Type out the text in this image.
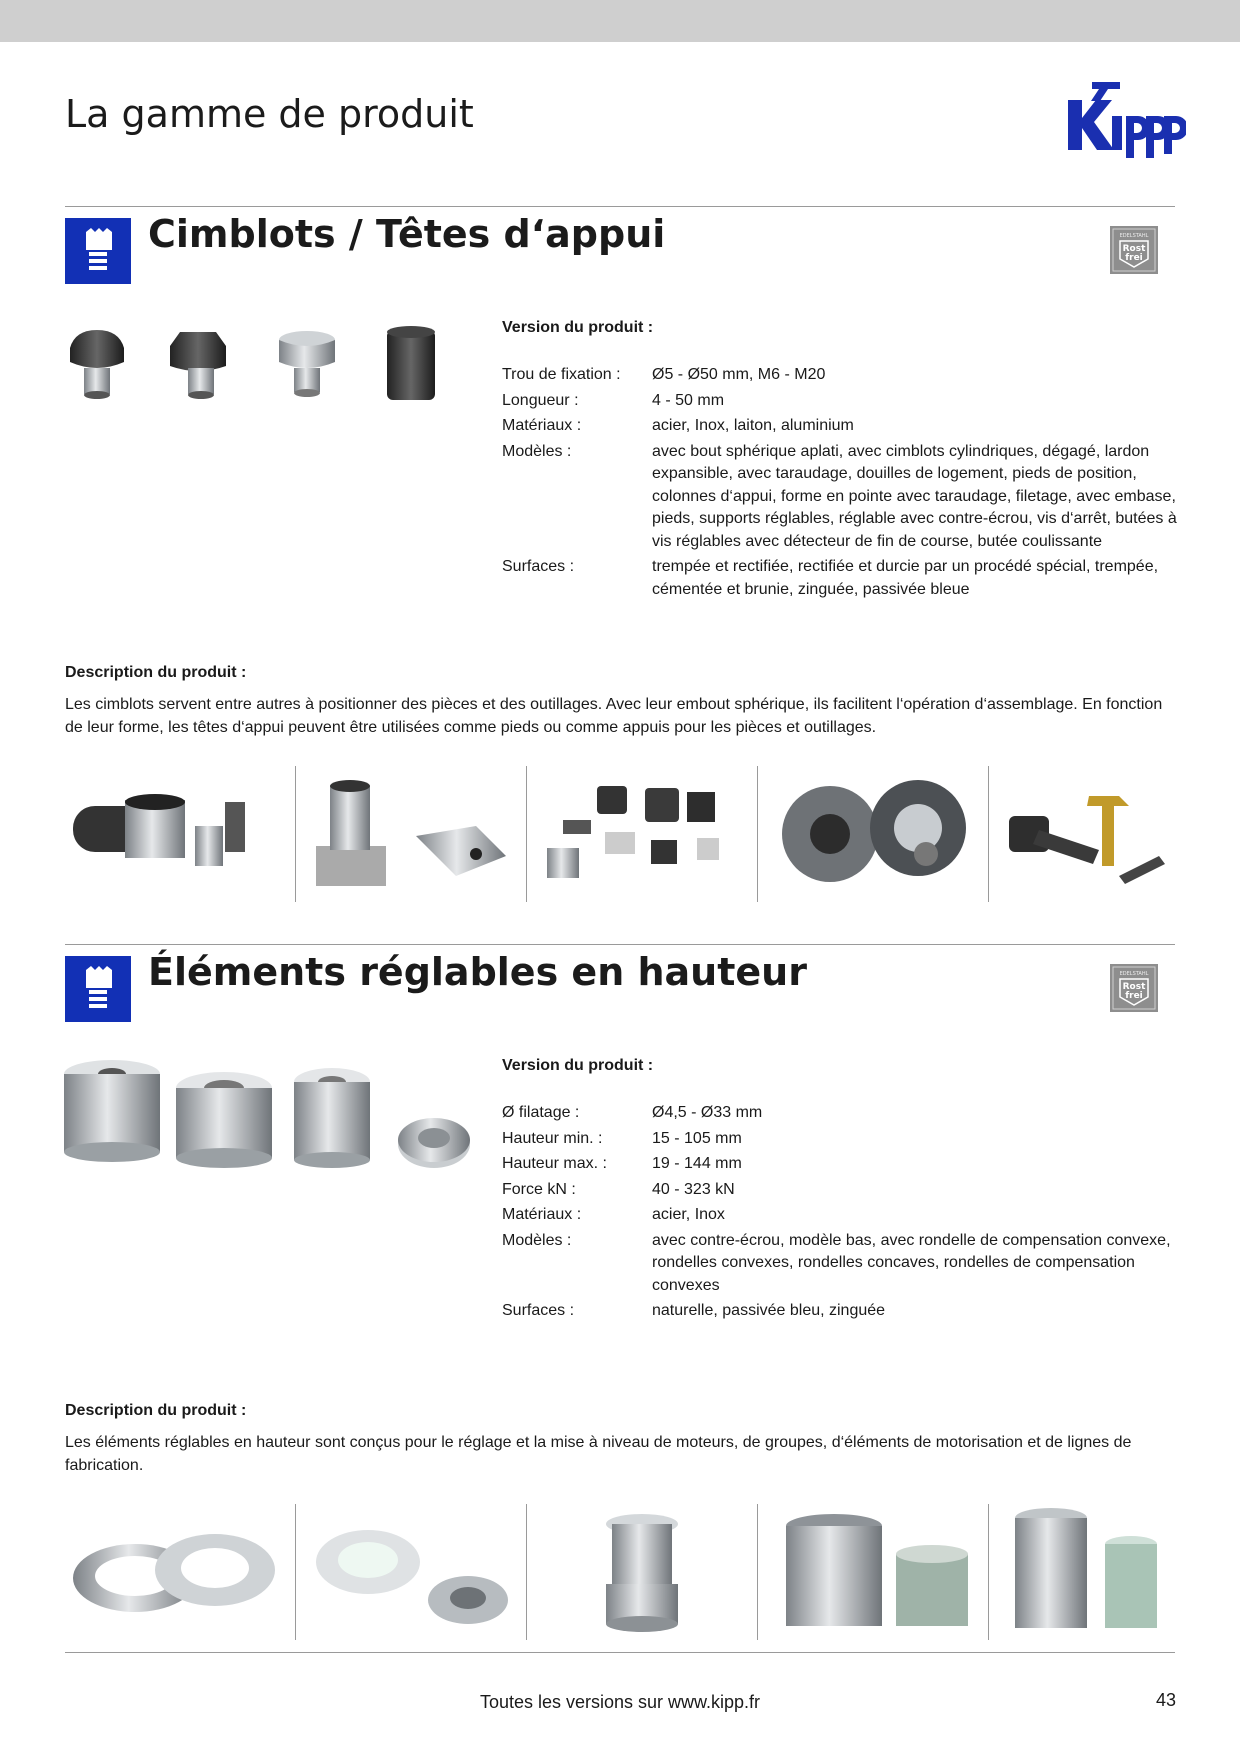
La gamme de produit
Cimblots / Têtes d‘appui	EDELSTAHL
Rost
frei
Version du produit :
Trou de fixation :	Ø5 - Ø50 mm, M6 - M20
Longueur :	4 - 50 mm
Matériaux :	acier, Inox, laiton, aluminium
Modèles :	avec bout sphérique aplati, avec cimblots cylindriques, dégagé, lardon expansible, avec taraudage, douilles de logement, pieds de position, colonnes d‘appui, forme en pointe avec taraudage, filetage, avec embase, pieds, supports réglables, réglable avec contre-écrou, vis d‘arrêt, butées à vis réglables avec détecteur de fin de course, butée coulissante
Surfaces :	trempée et rectifiée, rectifiée et durcie par un procédé spécial, trempée, cémentée et brunie, zinguée, passivée bleue

Description du produit :

Les cimblots servent entre autres à positionner des pièces et des outillages. Avec leur embout sphérique, ils facilitent l‘opération d‘assemblage. En fonction de leur forme, les têtes d‘appui peuvent être utilisées comme pieds ou comme appuis pour les pièces et outillages.

Éléments réglables en hauteur	EDELSTAHL
Rost
frei
Version du produit :
Ø filatage :	Ø4,5 - Ø33 mm
Hauteur min. :	15 - 105 mm
Hauteur max. :	19 - 144 mm
Force kN :	40 - 323 kN
Matériaux :	acier, Inox
Modèles :	avec contre-écrou, modèle bas, avec rondelle de compensation convexe, rondelles convexes, rondelles concaves, rondelles de compensation convexes
Surfaces :	naturelle, passivée bleu, zinguée

Description du produit :

Les éléments réglables en hauteur sont conçus pour le réglage et la mise à niveau de moteurs, de groupes, d‘éléments de motorisation et de lignes de fabrication.

Toutes les versions sur www.kipp.fr	43
